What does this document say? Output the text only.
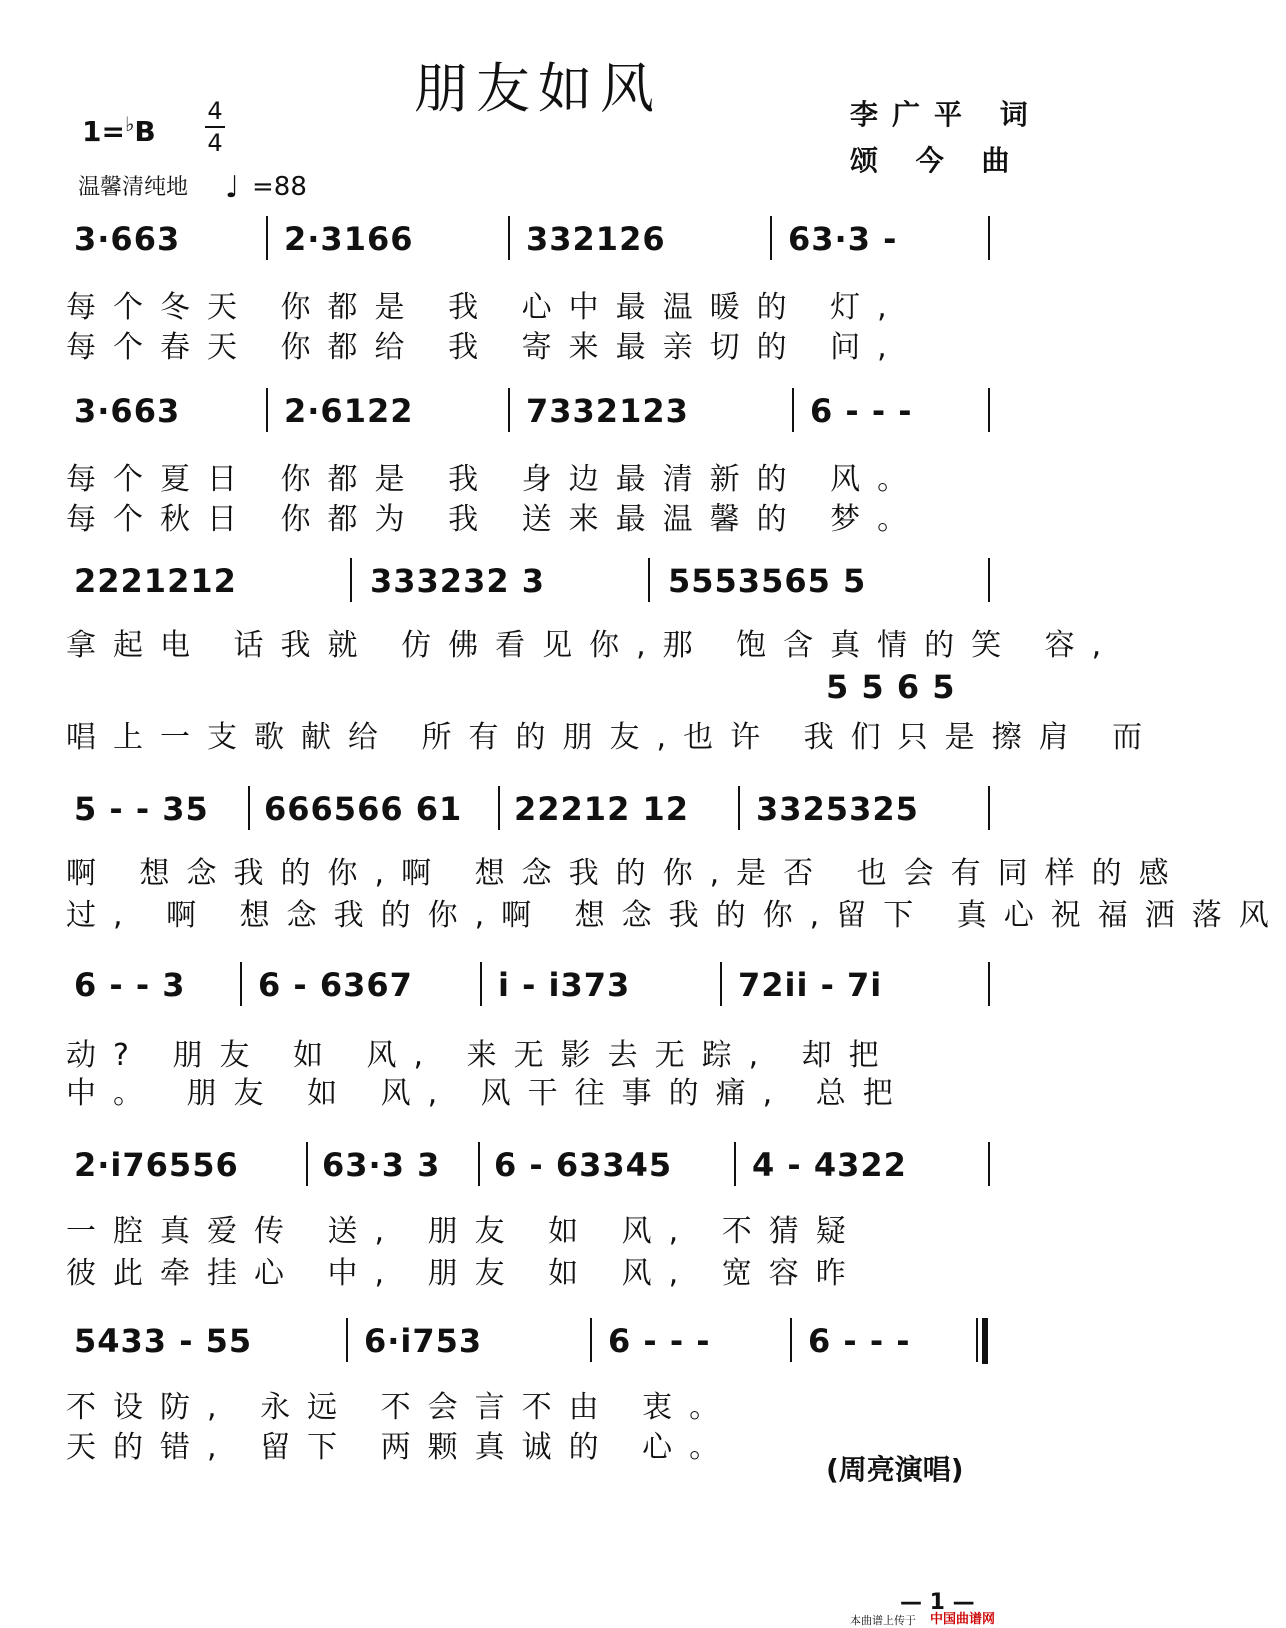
朋友如风
1=♭B
4
4
温馨清纯地 ♩ =88
李广平 词
颂 今 曲
3·663	2·3166	332126	63·3 -
每个冬天 你都是 我 心中最温暖的 灯,
每个春天 你都给 我 寄来最亲切的 问,
3·663	2·6122	7332123	6 - - -
每个夏日 你都是 我 身边最清新的 风。
每个秋日 你都为 我 送来最温馨的 梦。
2221212	333232 3	5553565 5
拿起电 话我就 仿佛看见你,那 饱含真情的笑 容,
5 5 6 5
唱上一支歌献给 所有的朋友,也许 我们只是擦肩 而
5 - - 35 666566 61 22212 12 3325325
啊 想念我的你,啊 想念我的你,是否 也会有同样的感
过, 啊 想念我的你,啊 想念我的你,留下 真心祝福洒落风
6 - - 3 6 - 6367	i - i373	72ii - 7i
动? 朋友 如 风, 来无影去无踪, 却把
中。 朋友 如 风, 风干往事的痛, 总把
2·i76556	63·3 3 6 - 63345 4 - 4322
一腔真爱传 送, 朋友 如 风, 不猜疑
彼此牵挂心 中, 朋友 如 风, 宽容昨
5433 - 55	6·i753	6 - - -	6 - - -
不设防, 永远 不会言不由 衷。
天的错, 留下 两颗真诚的 心。
(周亮演唱)
— 1 —
本曲谱上传于 中国曲谱网
